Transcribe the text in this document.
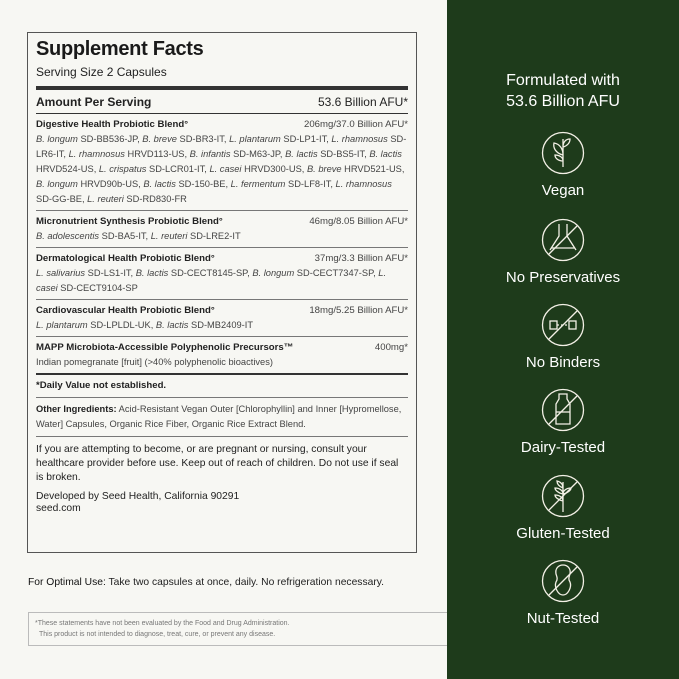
Supplement Facts
Serving Size 2 Capsules
Amount Per Serving	53.6 Billion AFU*
Digestive Health Probiotic Blend°	206mg/37.0 Billion AFU*
B. longum SD-BB536-JP, B. breve SD-BR3-IT, L. plantarum SD-LP1-IT, L. rhamnosus SD-LR6-IT, L. rhamnosus HRVD113-US, B. infantis SD-M63-JP, B. lactis SD-BS5-IT, B. lactis HRVD524-US, L. crispatus SD-LCR01-IT, L. casei HRVD300-US, B. breve HRVD521-US, B. longum HRVD90b-US, B. lactis SD-150-BE, L. fermentum SD-LF8-IT, L. rhamnosus SD-GG-BE, L. reuteri SD-RD830-FR
Micronutrient Synthesis Probiotic Blend°	46mg/8.05 Billion AFU*
B. adolescentis SD-BA5-IT, L. reuteri SD-LRE2-IT
Dermatological Health Probiotic Blend°	37mg/3.3 Billion AFU*
L. salivarius SD-LS1-IT, B. lactis SD-CECT8145-SP, B. longum SD-CECT7347-SP, L. casei SD-CECT9104-SP
Cardiovascular Health Probiotic Blend°	18mg/5.25 Billion AFU*
L. plantarum SD-LPLDL-UK, B. lactis SD-MB2409-IT
MAPP Microbiota-Accessible Polyphenolic Precursors™	400mg*
Indian pomegranate [fruit] (>40% polyphenolic bioactives)
*Daily Value not established.
Other Ingredients: Acid-Resistant Vegan Outer [Chlorophyllin] and Inner [Hypromellose, Water] Capsules, Organic Rice Fiber, Organic Rice Extract Blend.
If you are attempting to become, or are pregnant or nursing, consult your healthcare provider before use. Keep out of reach of children. Do not use if seal is broken.
Developed by Seed Health, California 90291
seed.com
For Optimal Use: Take two capsules at once, daily. No refrigeration necessary.
*These statements have not been evaluated by the Food and Drug Administration.
This product is not intended to diagnose, treat, cure, or prevent any disease.
Formulated with
53.6 Billion AFU
Vegan
No Preservatives
No Binders
Dairy-Tested
Gluten-Tested
Nut-Tested
